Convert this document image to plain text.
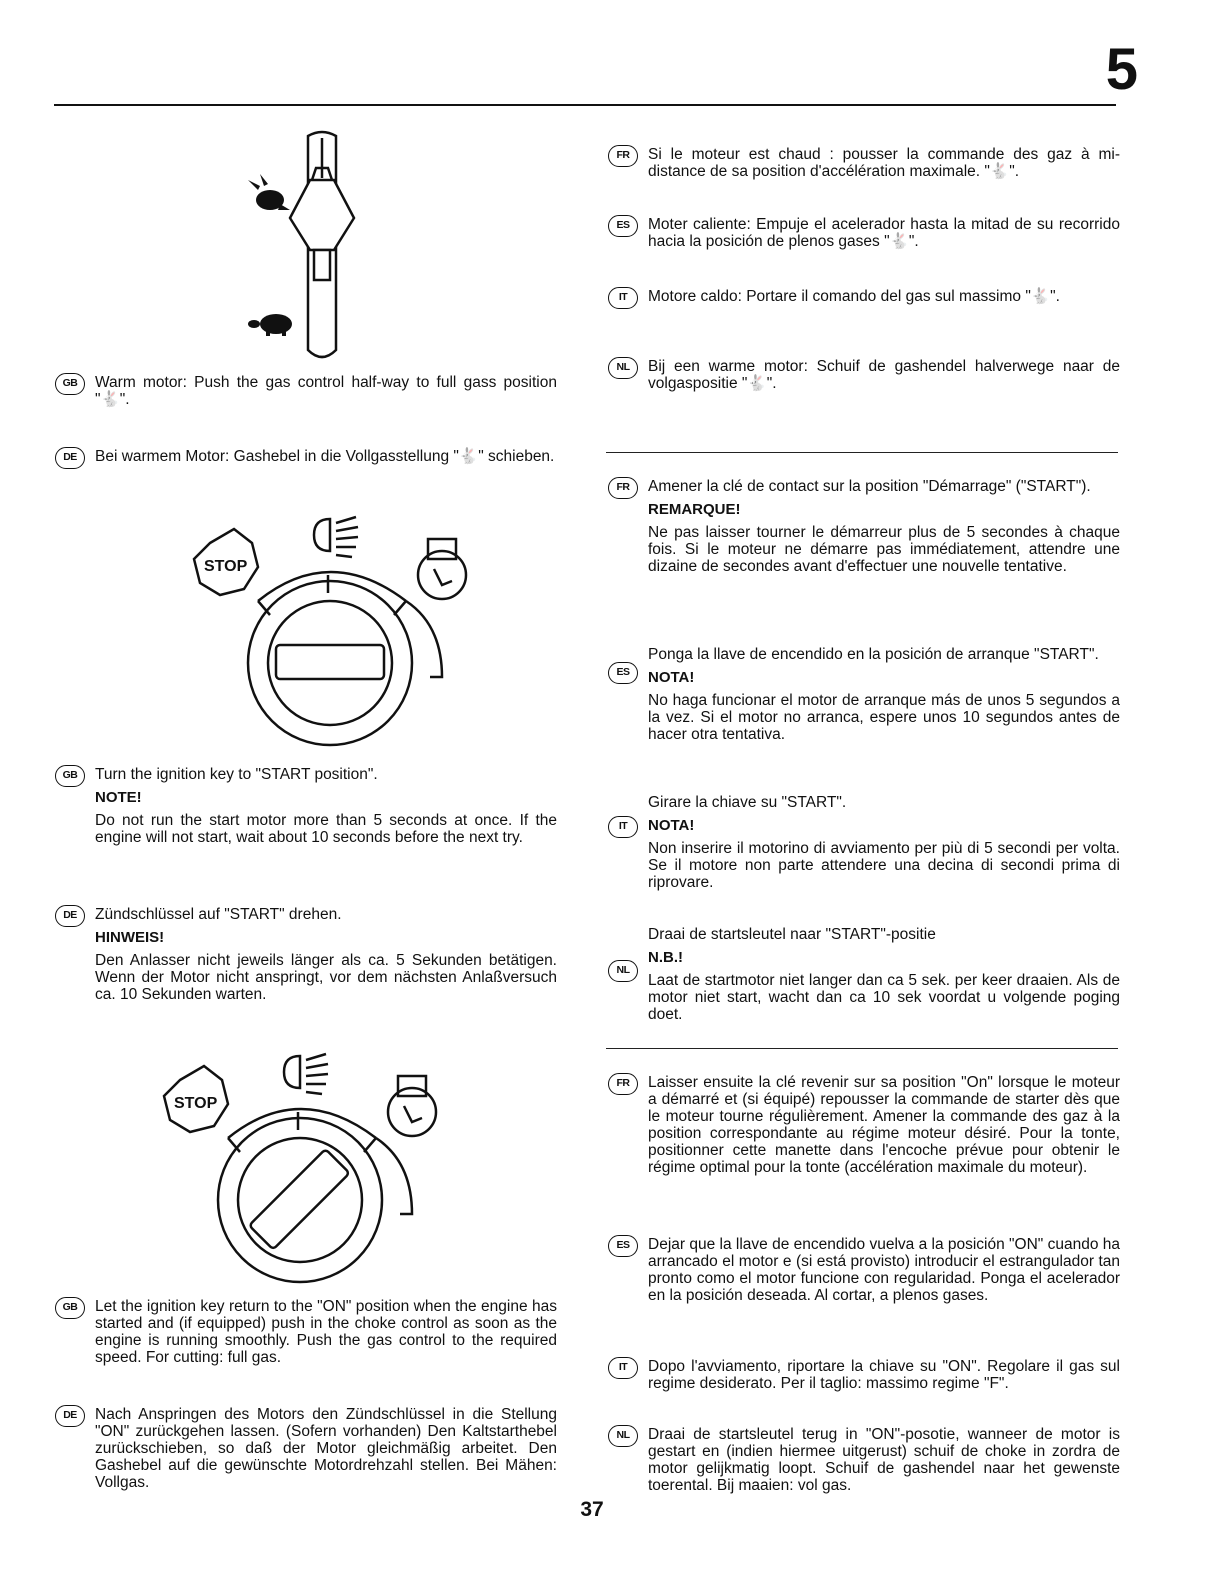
5
GB	Warm motor: Push the gas control half-way to full gass position "🐇".

DE	Bei warmem Motor: Gashebel in die Vollgasstellung "🐇" schieben.

STOP
GB	Turn the ignition key to "START position".

NOTE!

Do not run the start motor more than 5 seconds at once. If the engine will not start, wait about 10 seconds before the next try.

DE	Zündschlüssel auf "START" drehen.

HINWEIS!

Den Anlasser nicht jeweils länger als ca. 5 Sekunden betätigen. Wenn der Motor nicht anspringt, vor dem nächsten Anlaßversuch ca. 10 Sekunden warten.

STOP
GB	Let the ignition key return to the "ON" position when the engine has started and (if equipped) push in the choke control as soon as the engine is running smoothly. Push the gas control to the required speed. For cutting: full gas.

DE	Nach Anspringen des Motors den Zündschlüssel in die Stellung "ON" zurückgehen lassen. (Sofern vorhanden) Den Kaltstarthebel zurückschieben, so daß der Motor gleichmäßig arbeitet. Den Gashebel auf die gewünschte Motordrehzahl stellen. Bei Mähen: Vollgas.

FR	Si le moteur est chaud : pousser la commande des gaz à mi-distance de sa position d'accélération maximale. "🐇".

ES	Moter caliente: Empuje el acelerador hasta la mitad de su recorrido hacia la posición de plenos gases "🐇".

IT	Motore caldo: Portare il comando del gas sul massimo "🐇".

NL	Bij een warme motor: Schuif de gashendel halverwege naar de volgaspositie "🐇".

FR	Amener la clé de contact sur la position "Démarrage" ("START").

REMARQUE!

Ne pas laisser tourner le démarreur plus de 5 secondes à chaque fois. Si le moteur ne démarre pas immédiatement, attendre une dizaine de secondes avant d'effectuer une nouvelle tentative.

ES

Ponga la llave de encendido en la posición de arranque "START".

NOTA!

No haga funcionar el motor de arranque más de unos 5 segundos a la vez. Si el motor no arranca, espere unos 10 segundos antes de hacer otra tentativa.

IT

Girare la chiave su "START".

NOTA!

Non inserire il motorino di avviamento per più di 5 secondi per volta. Se il motore non parte attendere una decina di secondi prima di riprovare.

NL

Draai de startsleutel naar "START"-positie

N.B.!

Laat de startmotor niet langer dan ca 5 sek. per keer draaien. Als de motor niet start, wacht dan ca 10 sek voordat u volgende poging doet.

FR	Laisser ensuite la clé revenir sur sa position "On" lorsque le moteur a démarré et (si équipé) repousser la commande de starter dès que le moteur tourne régulièrement. Amener la commande des gaz à la position correspondante au régime moteur désiré. Pour la tonte, positionner cette manette dans l'encoche prévue pour obtenir le régime optimal pour la tonte (accélération maximale du moteur).

ES	Dejar que la llave de encendido vuelva a la posición "ON" cuando ha arrancado el motor e (si está provisto) introducir el estrangulador tan pronto como el motor funcione con regularidad. Ponga el acelerador en la posición deseada. Al cortar, a plenos gases.

IT	Dopo l'avviamento, riportare la chiave su "ON". Regolare il gas sul regime desiderato. Per il taglio: massimo regime "F".

NL	Draai de startsleutel terug in "ON"-posotie, wanneer de motor is gestart en (indien hiermee uitgerust) schuif de choke in zordra de motor gelijkmatig loopt. Schuif de gashendel naar het gewenste toerental. Bij maaien: vol gas.

37
